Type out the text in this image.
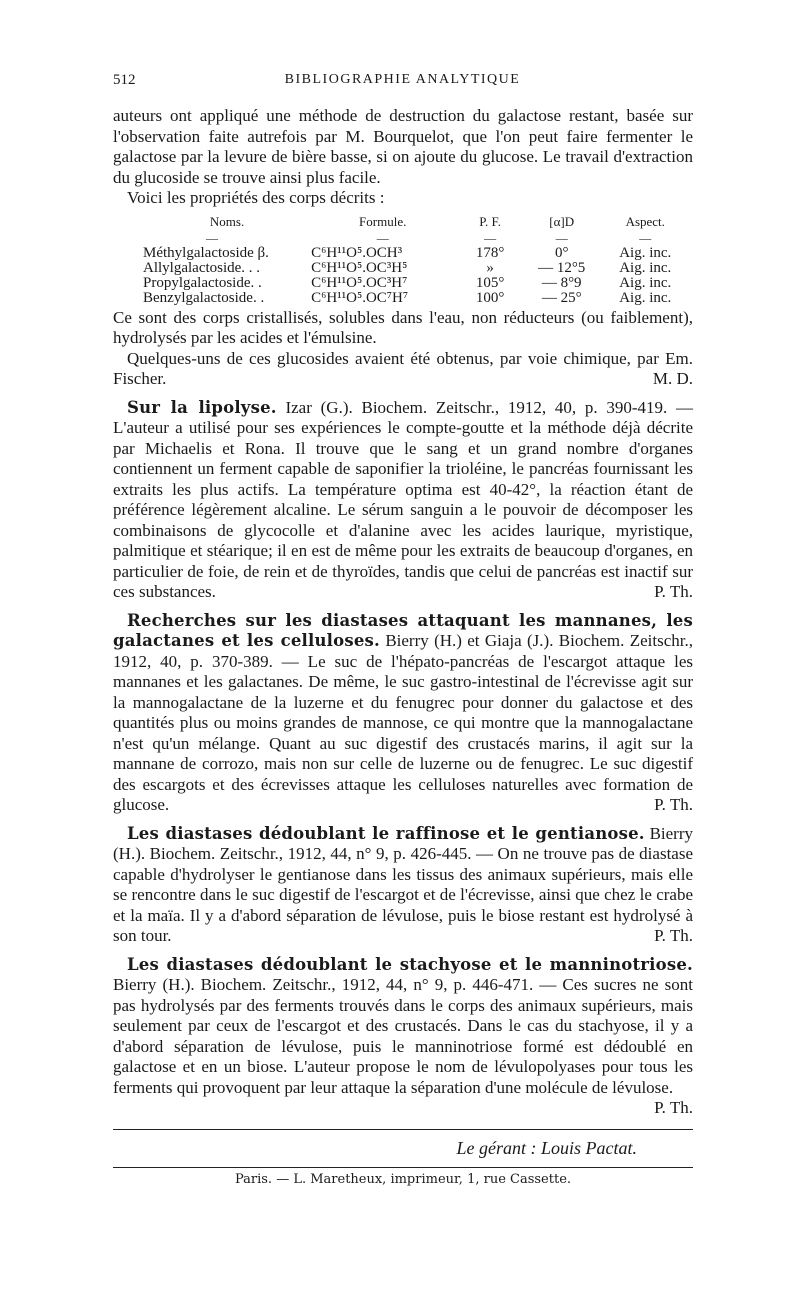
512	BIBLIOGRAPHIE ANALYTIQUE

auteurs ont appliqué une méthode de destruction du galactose restant, basée sur l'observation faite autrefois par M. Bourquelot, que l'on peut faire fermenter le galactose par la levure de bière basse, si on ajoute du glucose. Le travail d'extraction du glucoside se trouve ainsi plus facile.

Voici les propriétés des corps décrits :

Noms.	Formule.	P. F.	[α]D	Aspect.
—	—	—	—	—
Méthylgalactoside β.	C⁶H¹¹O⁵.OCH³	178°	0°	Aig. inc.
Allylgalactoside. . .	C⁶H¹¹O⁵.OC³H⁵	»	— 12°5	Aig. inc.
Propylgalactoside. .	C⁶H¹¹O⁵.OC³H⁷	105°	— 8°9	Aig. inc.
Benzylgalactoside. .	C⁶H¹¹O⁵.OC⁷H⁷	100°	— 25°	Aig. inc.

Ce sont des corps cristallisés, solubles dans l'eau, non réducteurs (ou faiblement), hydrolysés par les acides et l'émulsine.

Quelques-uns de ces glucosides avaient été obtenus, par voie chimique, par Em. Fischer.	M. D.

Sur la lipolyse. Izar (G.). Biochem. Zeitschr., 1912, 40, p. 390-419. — L'auteur a utilisé pour ses expériences le compte-goutte et la méthode déjà décrite par Michaelis et Rona. Il trouve que le sang et un grand nombre d'organes contiennent un ferment capable de saponifier la trioléine, le pancréas fournissant les extraits les plus actifs. La température optima est 40-42°, la réaction étant de préférence légèrement alcaline. Le sérum sanguin a le pouvoir de décomposer les combinaisons de glycocolle et d'alanine avec les acides laurique, myristique, palmitique et stéarique; il en est de même pour les extraits de beaucoup d'organes, en particulier de foie, de rein et de thyroïdes, tandis que celui de pancréas est inactif sur ces substances.	P. Th.

Recherches sur les diastases attaquant les mannanes, les galactanes et les celluloses. Bierry (H.) et Giaja (J.). Biochem. Zeitschr., 1912, 40, p. 370-389. — Le suc de l'hépato-pancréas de l'escargot attaque les mannanes et les galactanes. De même, le suc gastro-intestinal de l'écrevisse agit sur la mannogalactane de la luzerne et du fenugrec pour donner du galactose et des quantités plus ou moins grandes de mannose, ce qui montre que la mannogalactane n'est qu'un mélange. Quant au suc digestif des crustacés marins, il agit sur la mannane de corrozo, mais non sur celle de luzerne ou de fenugrec. Le suc digestif des escargots et des écrevisses attaque les celluloses naturelles avec formation de glucose.	P. Th.

Les diastases dédoublant le raffinose et le gentianose. Bierry (H.). Biochem. Zeitschr., 1912, 44, n° 9, p. 426-445. — On ne trouve pas de diastase capable d'hydrolyser le gentianose dans les tissus des animaux supérieurs, mais elle se rencontre dans le suc digestif de l'escargot et de l'écrevisse, ainsi que chez le crabe et la maïa. Il y a d'abord séparation de lévulose, puis le biose restant est hydrolysé à son tour.	P. Th.

Les diastases dédoublant le stachyose et le manninotriose. Bierry (H.). Biochem. Zeitschr., 1912, 44, n° 9, p. 446-471. — Ces sucres ne sont pas hydrolysés par des ferments trouvés dans le corps des animaux supérieurs, mais seulement par ceux de l'escargot et des crustacés. Dans le cas du stachyose, il y a d'abord séparation de lévulose, puis le manninotriose formé est dédoublé en galactose et en un biose. L'auteur propose le nom de lévulopolyases pour tous les ferments qui provoquent par leur attaque la séparation d'une molécule de lévulose.
P. Th.

Le gérant : Louis Pactat.
Paris. — L. Maretheux, imprimeur, 1, rue Cassette.
